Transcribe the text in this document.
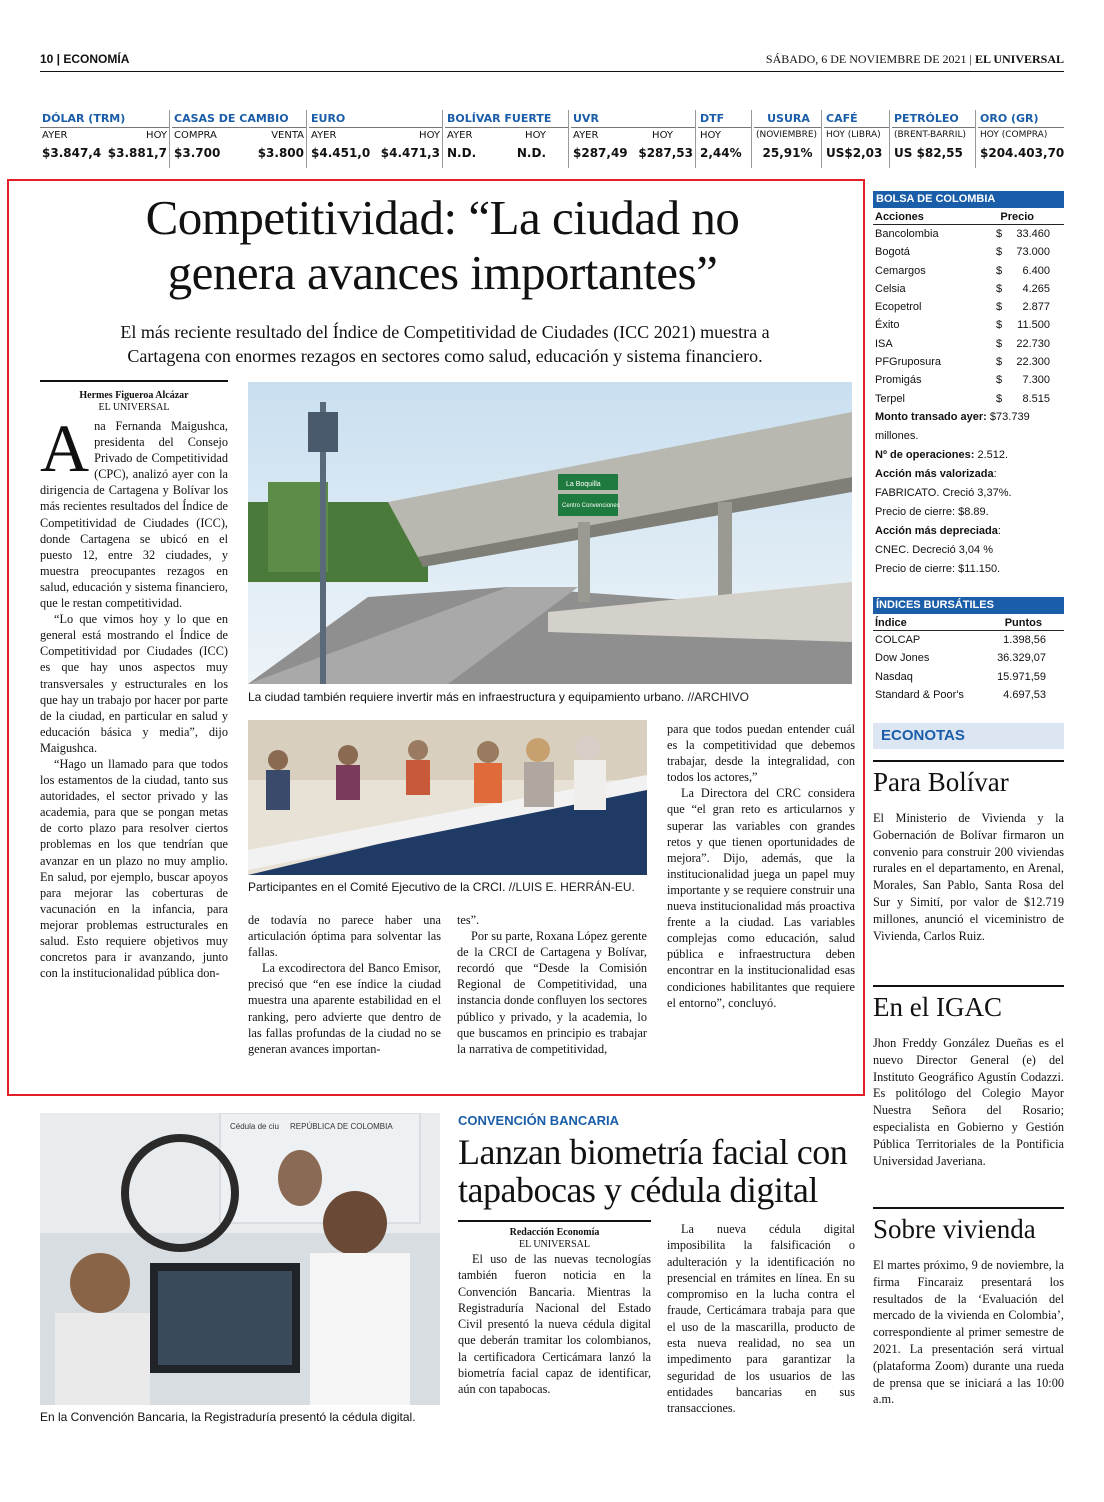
10 | ECONOMÍA	SÁBADO, 6 DE NOVIEMBRE DE 2021 | EL UNIVERSAL
DÓLAR (TRM)
AYER	HOY
$3.847,4 $3.881,7
CASAS DE CAMBIO
COMPRA	VENTA
$3.700	$3.800
EURO
AYER	HOY
$4.451,0 $4.471,3
BOLÍVAR FUERTE
AYER	HOY
N.D.	N.D.
UVR
AYER	HOY
$287,49 $287,53
DTF
HOY
2,44%
USURA
(NOVIEMBRE)
25,91%
CAFÉ
HOY (LIBRA)
US$2,03
PETRÓLEO
(BRENT-BARRIL)
US $82,55
ORO (GR)
HOY (COMPRA)
$204.403,70
Competitividad: “La ciudad no
genera avances importantes”
El más reciente resultado del Índice de Competitividad de Ciudades (ICC 2021) muestra a
Cartagena con enormes rezagos en sectores como salud, educación y sistema financiero.
Hermes Figueroa Alcázar
EL UNIVERSAL

Ana Fernanda Maigushca, presidenta del Consejo Privado de Competitividad (CPC), analizó ayer con la dirigencia de Cartagena y Bolívar los más recientes resultados del Índice de Competitividad de Ciudades (ICC), donde Cartagena se ubicó en el puesto 12, entre 32 ciudades, y muestra preocupantes rezagos en salud, educación y sistema financiero, que le restan competitividad.

“Lo que vimos hoy y lo que en general está mostrando el Índice de Competitividad por Ciudades (ICC) es que hay unos aspectos muy transversales y estructurales en los que hay un trabajo por hacer por parte de la ciudad, en particular en salud y educación básica y media”, dijo Maigushca.

“Hago un llamado para que todos los estamentos de la ciudad, tanto sus autoridades, el sector privado y las academia, para que se pongan metas de corto plazo para resolver ciertos problemas en los que tendrían que avanzar en un plazo no muy amplio. En salud, por ejemplo, buscar apoyos para mejorar las coberturas de vacunación en la infancia, para mejorar problemas estructurales en salud. Esto requiere objetivos muy concretos para ir avanzando, junto con la institucionalidad pública don-

La Boquilla
Centro Convenciones
La ciudad también requiere invertir más en infraestructura y equipamiento urbano. //ARCHIVO
Participantes en el Comité Ejecutivo de la CRCI. //LUIS E. HERRÁN-EU.

de todavía no parece haber una articulación óptima para solventar las fallas.

La excodirectora del Banco Emisor, precisó que “en ese índice la ciudad muestra una aparente estabilidad en el ranking, pero advierte que dentro de las fallas profundas de la ciudad no se generan avances importan-

tes”.

Por su parte, Roxana López gerente de la CRCI de Cartagena y Bolívar, recordó que “Desde la Comisión Regional de Competitividad, una instancia donde confluyen los sectores público y privado, y la academia, lo que buscamos en principio es trabajar la narrativa de competitividad,

para que todos puedan entender cuál es la competitividad que debemos trabajar, desde la integralidad, con todos los actores,”

La Directora del CRC considera que “el gran reto es articularnos y superar las variables con grandes retos y que tienen oportunidades de mejora”. Dijo, además, que la institucionalidad juega un papel muy importante y se requiere construir una nueva institucionalidad más proactiva frente a la ciudad. Las variables complejas como educación, salud pública e infraestructura deben encontrar en la institucionalidad esas condiciones habilitantes que requiere el entorno”, concluyó.

BOLSA DE COLOMBIA
Acciones	Precio
Bancolombia	$ 33.460
Bogotá	$ 73.000
Cemargos	$ 6.400
Celsia	$ 4.265
Ecopetrol	$ 2.877
Éxito	$ 11.500
ISA	$ 22.730
PFGruposura	$ 22.300
Promigás	$ 7.300
Terpel	$ 8.515
Monto transado ayer: $73.739 millones.
Nº de operaciones: 2.512.
Acción más valorizada:
FABRICATO. Creció 3,37%.
Precio de cierre: $8.89.
Acción más depreciada:
CNEC. Decreció 3,04 %
Precio de cierre: $11.150.
ÍNDICES BURSÁTILES
Índice	Puntos
COLCAP	1.398,56
Dow Jones	36.329,07
Nasdaq	15.971,59
Standard & Poor's	4.697,53
ECONOTAS
Para Bolívar
El Ministerio de Vivienda y la Gobernación de Bolívar firmaron un convenio para construir 200 viviendas rurales en el departamento, en Arenal, Morales, San Pablo, Santa Rosa del Sur y Simití, por valor de $12.719 millones, anunció el viceministro de Vivienda, Carlos Ruiz.
En el IGAC
Jhon Freddy González Dueñas es el nuevo Director General (e) del Instituto Geográfico Agustín Codazzi. Es politólogo del Colegio Mayor Nuestra Señora del Rosario; especialista en Gobierno y Gestión Pública Territoriales de la Pontificia Universidad Javeriana.
Sobre vivienda
El martes próximo, 9 de noviembre, la firma Fincaraiz presentará los resultados de la ‘Evaluación del mercado de la vivienda en Colombia’, correspondiente al primer semestre de 2021. La presentación será virtual (plataforma Zoom) durante una rueda de prensa que se iniciará a las 10:00 a.m.
Cédula de ciu REPÚBLICA DE COLOMBIA
En la Convención Bancaria, la Registraduría presentó la cédula digital.
CONVENCIÓN BANCARIA
Lanzan biometría facial con
tapabocas y cédula digital
Redacción Economía
EL UNIVERSAL

El uso de las nuevas tecnologías también fueron noticia en la Convención Bancaria. Mientras la Registraduría Nacional del Estado Civil presentó la nueva cédula digital que deberán tramitar los colombianos, la certificadora Certicámara lanzó la biometría facial capaz de identificar, aún con tapabocas.

La nueva cédula digital imposibilita la falsificación o adulteración y la identificación no presencial en trámites en línea. En su compromiso en la lucha contra el fraude, Certicámara trabaja para que el uso de la mascarilla, producto de esta nueva realidad, no sea un impedimento para garantizar la seguridad de los usuarios de las entidades bancarias en sus transacciones.
